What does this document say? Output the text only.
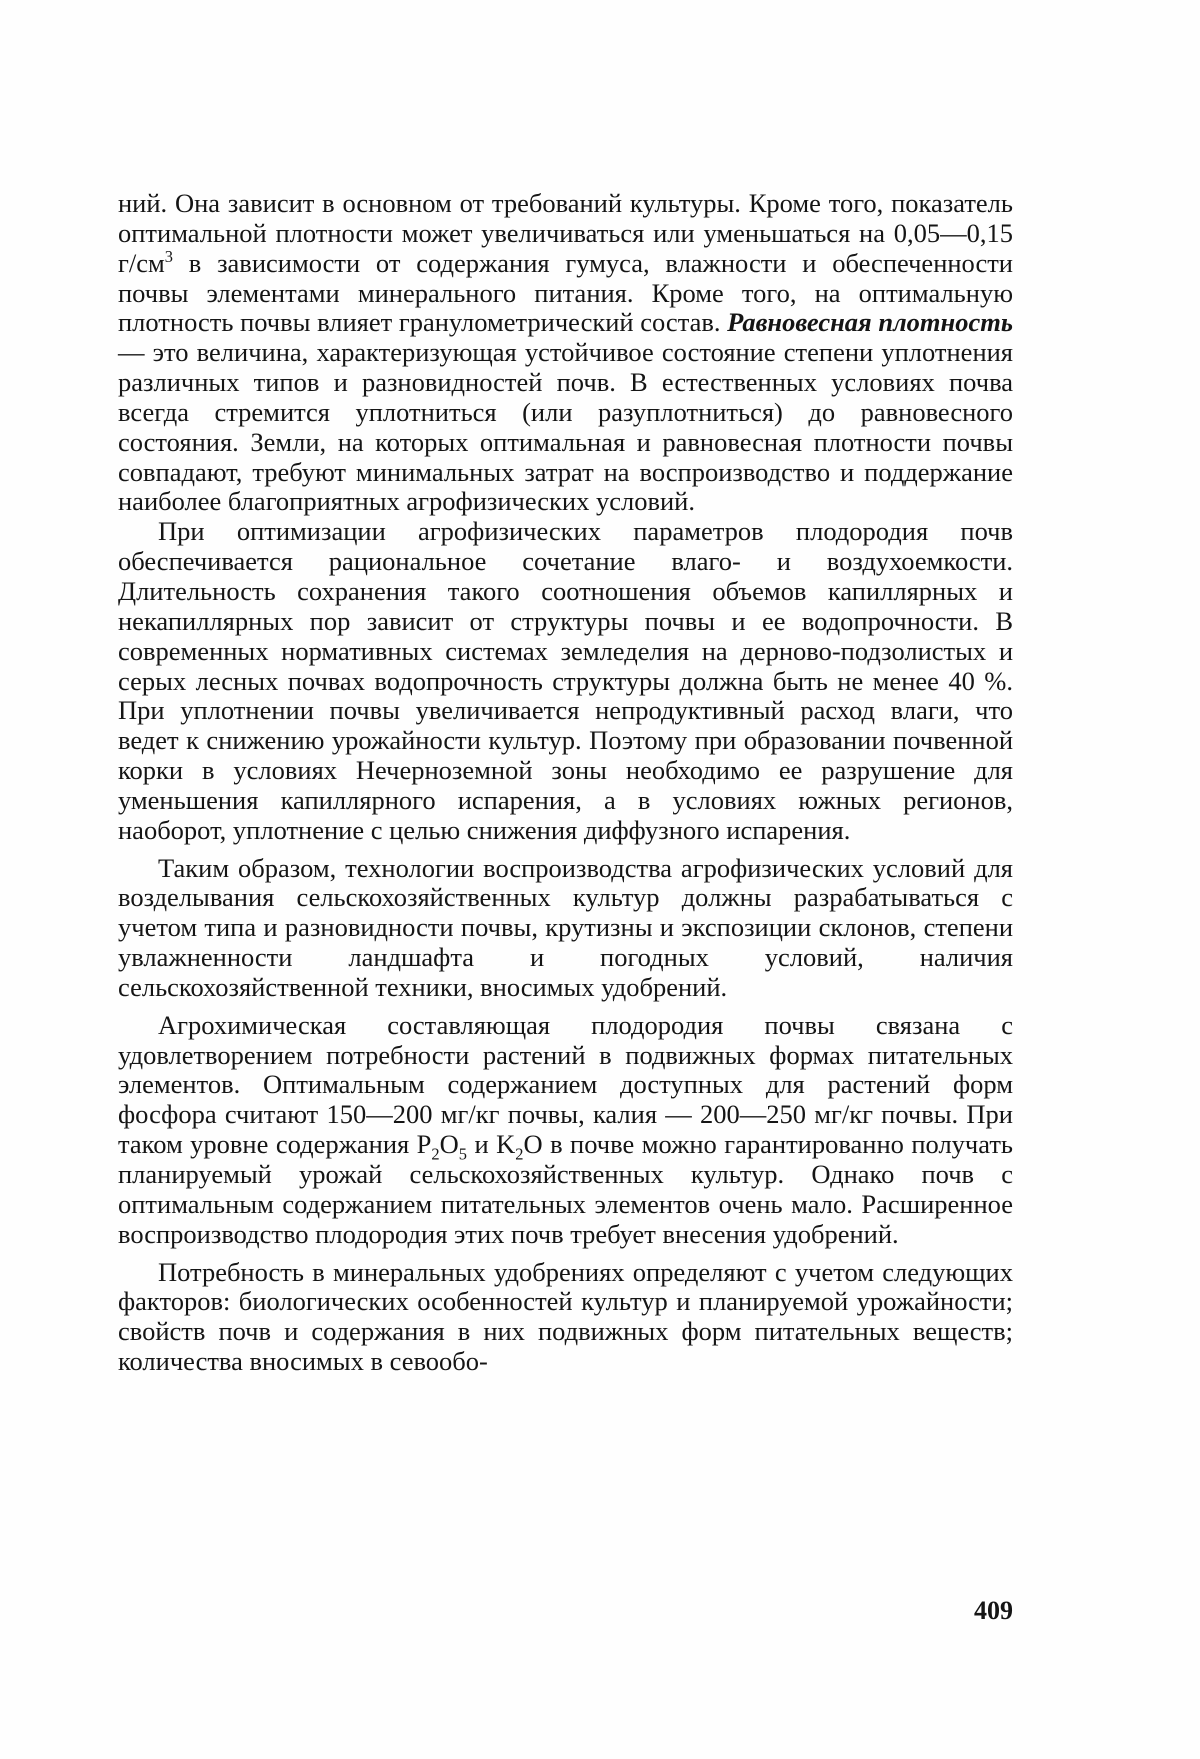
ний. Она зависит в основном от требований культуры. Кроме того, показатель оптимальной плотности может увеличиваться или уменьшаться на 0,05—0,15 $г/см^3$ в зависимости от содержания гумуса, влажности и обеспеченности почвы элементами минерального питания. Кроме того, на оптимальную плотность почвы влияет гранулометрический состав. Равновесная плотность — это величина, характеризующая устойчивое состояние степени уплотнения различных типов и разновидностей почв. В естественных условиях почва всегда стремится уплотниться (или разуплотниться) до равновесного состояния. Земли, на которых оптимальная и равновесная плотности почвы совпадают, требуют минимальных затрат на воспроизводство и поддержание наиболее благоприятных агрофизических условий.

При оптимизации агрофизических параметров плодородия почв обеспечивается рациональное сочетание влаго- и воздухоемкости. Длительность сохранения такого соотношения объемов капиллярных и некапиллярных пор зависит от структуры почвы и ее водопрочности. В современных нормативных системах земледелия на дерново-подзолистых и серых лесных почвах водопрочность структуры должна быть не менее 40 %. При уплотнении почвы увеличивается непродуктивный расход влаги, что ведет к снижению урожайности культур. Поэтому при образовании почвенной корки в условиях Нечерноземной зоны необходимо ее разрушение для уменьшения капиллярного испарения, а в условиях южных регионов, наоборот, уплотнение с целью снижения диффузного испарения.

Таким образом, технологии воспроизводства агрофизических условий для возделывания сельскохозяйственных культур должны разрабатываться с учетом типа и разновидности почвы, крутизны и экспозиции склонов, степени увлажненности ландшафта и погодных условий, наличия сельскохозяйственной техники, вносимых удобрений.

Агрохимическая составляющая плодородия почвы связана с удовлетворением потребности растений в подвижных формах питательных элементов. Оптимальным содержанием доступных для растений форм фосфора считают 150—200 мг/кг почвы, калия — 200—250 мг/кг почвы. При таком уровне содержания $P_2O_5$ и $K_2O$ в почве можно гарантированно получать планируемый урожай сельскохозяйственных культур. Однако почв с оптимальным содержанием питательных элементов очень мало. Расширенное воспроизводство плодородия этих почв требует внесения удобрений.

Потребность в минеральных удобрениях определяют с учетом следующих факторов: биологических особенностей культур и планируемой урожайности; свойств почв и содержания в них подвижных форм питательных веществ; количества вносимых в севообо-

409
